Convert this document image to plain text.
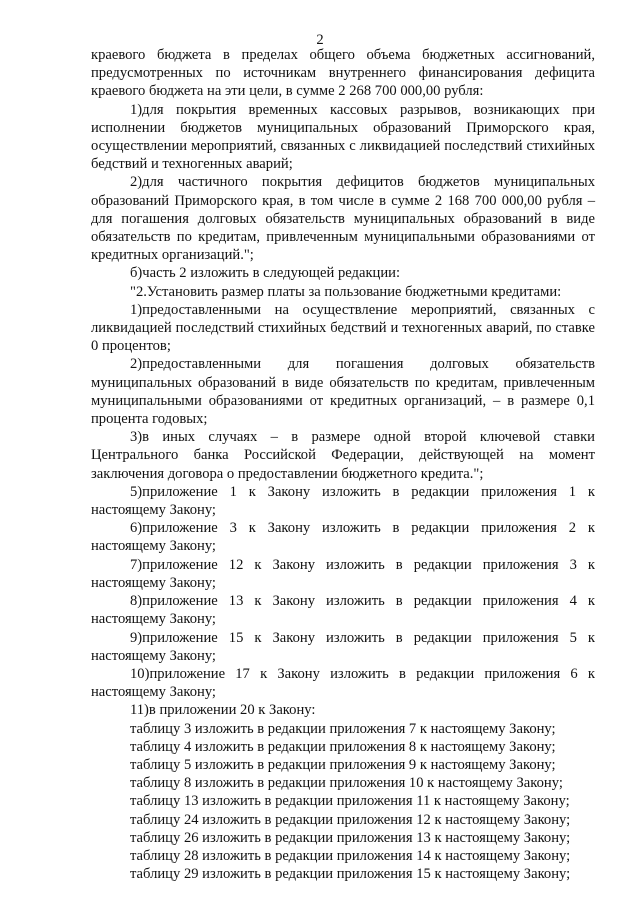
2

краевого бюджета в пределах общего объема бюджетных ассигнований, предусмотренных по источникам внутреннего финансирования дефицита краевого бюджета на эти цели, в сумме 2 268 700 000,00 рубля:

1)для покрытия временных кассовых разрывов, возникающих при исполнении бюджетов муниципальных образований Приморского края, осуществлении мероприятий, связанных с ликвидацией последствий стихийных бедствий и техногенных аварий;

2)для частичного покрытия дефицитов бюджетов муниципальных образований Приморского края, в том числе в сумме 2 168 700 000,00 рубля – для погашения долговых обязательств муниципальных образований в виде обязательств по кредитам, привлеченным муниципальными образованиями от кредитных организаций.";

б)часть 2 изложить в следующей редакции:

"2.Установить размер платы за пользование бюджетными кредитами:

1)предоставленными на осуществление мероприятий, связанных с ликвидацией последствий стихийных бедствий и техногенных аварий, по ставке 0 процентов;

2)предоставленными для погашения долговых обязательств муниципальных образований в виде обязательств по кредитам, привлеченным муниципальными образованиями от кредитных организаций, – в размере 0,1 процента годовых;

3)в иных случаях – в размере одной второй ключевой ставки Центрального банка Российской Федерации, действующей на момент заключения договора о предоставлении бюджетного кредита.";

5)приложение 1 к Закону изложить в редакции приложения 1 к настоящему Закону;

6)приложение 3 к Закону изложить в редакции приложения 2 к настоящему Закону;

7)приложение 12 к Закону изложить в редакции приложения 3 к настоящему Закону;

8)приложение 13 к Закону изложить в редакции приложения 4 к настоящему Закону;

9)приложение 15 к Закону изложить в редакции приложения 5 к настоящему Закону;

10)приложение 17 к Закону изложить в редакции приложения 6 к настоящему Закону;

11)в приложении 20 к Закону:

таблицу 3 изложить в редакции приложения 7 к настоящему Закону;

таблицу 4 изложить в редакции приложения 8 к настоящему Закону;

таблицу 5 изложить в редакции приложения 9 к настоящему Закону;

таблицу 8 изложить в редакции приложения 10 к настоящему Закону;

таблицу 13 изложить в редакции приложения 11 к настоящему Закону;

таблицу 24 изложить в редакции приложения 12 к настоящему Закону;

таблицу 26 изложить в редакции приложения 13 к настоящему Закону;

таблицу 28 изложить в редакции приложения 14 к настоящему Закону;

таблицу 29 изложить в редакции приложения 15 к настоящему Закону;
